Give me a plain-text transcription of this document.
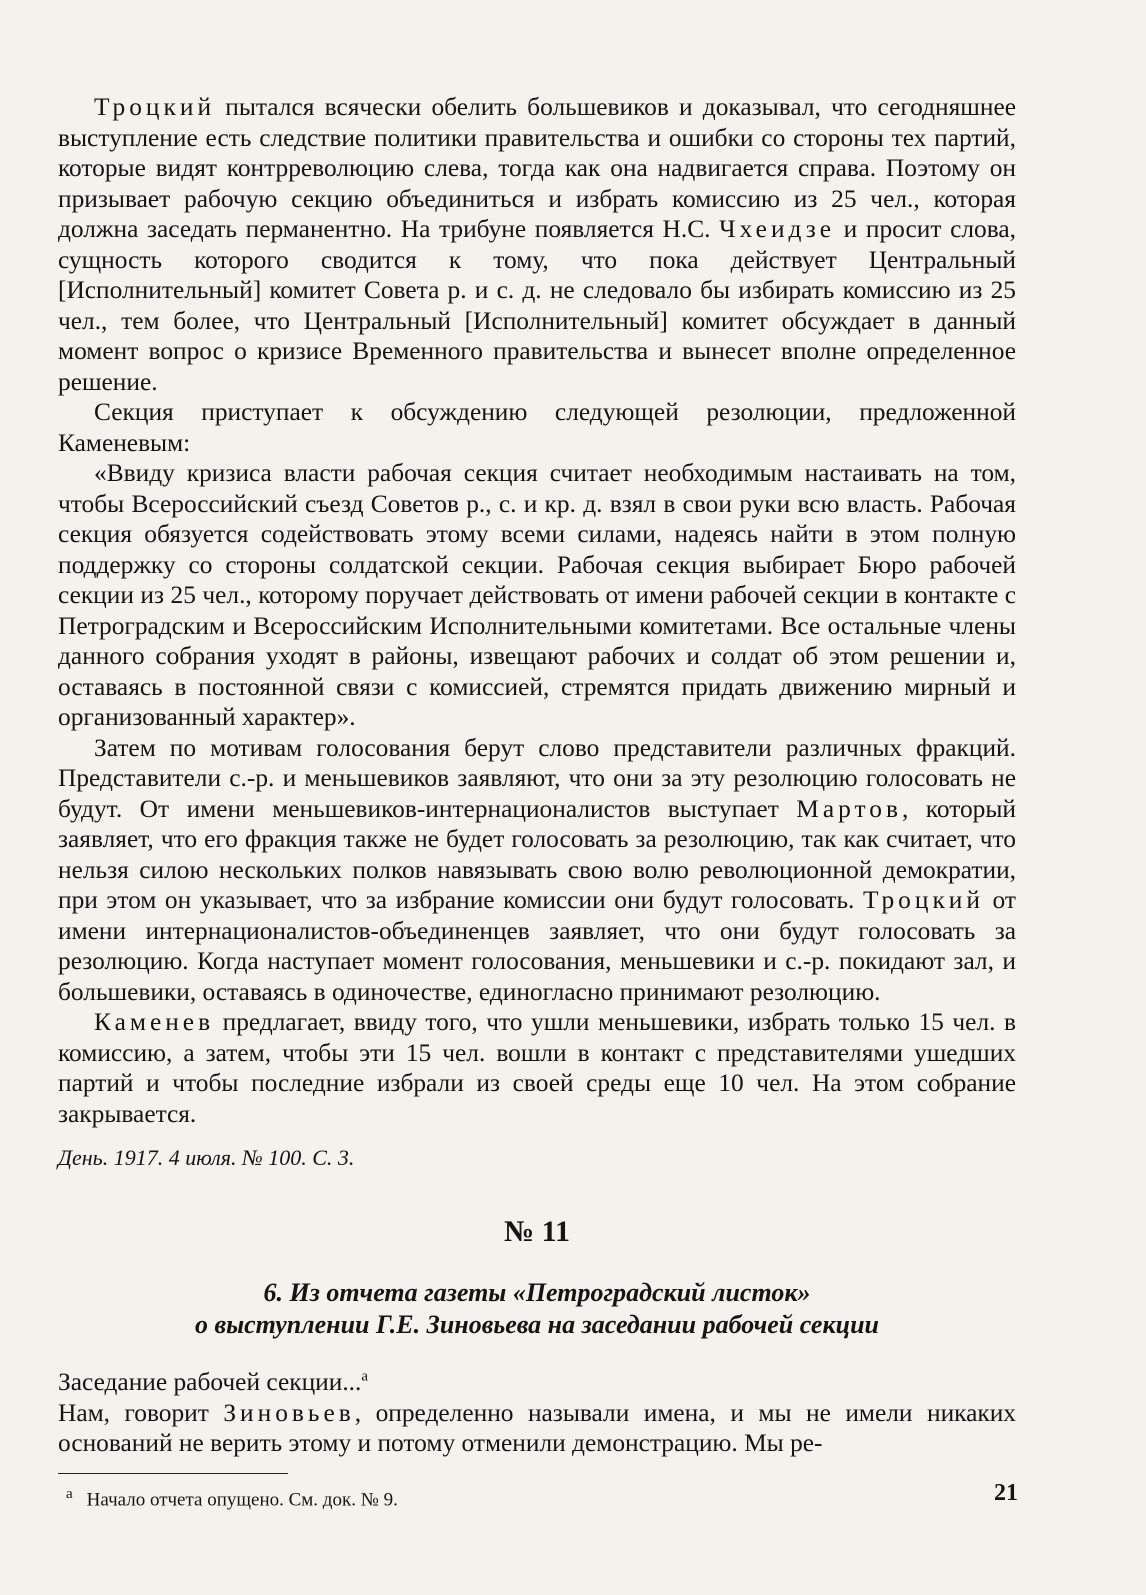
Троцкий пытался всячески обелить большевиков и доказывал, что сегодняшнее выступление есть следствие политики правительства и ошибки со стороны тех партий, которые видят контрреволюцию слева, тогда как она надвигается справа. Поэтому он призывает рабочую секцию объединиться и избрать комиссию из 25 чел., которая должна заседать перманентно. На трибуне появляется Н.С. Чхеидзе и просит слова, сущность которого сводится к тому, что пока действует Центральный [Исполнительный] комитет Совета р. и с. д. не следовало бы избирать комиссию из 25 чел., тем более, что Центральный [Исполнительный] комитет обсуждает в данный момент вопрос о кризисе Временного правительства и вынесет вполне определенное решение.

Секция приступает к обсуждению следующей резолюции, предложенной Каменевым:

«Ввиду кризиса власти рабочая секция считает необходимым настаивать на том, чтобы Всероссийский съезд Советов р., с. и кр. д. взял в свои руки всю власть. Рабочая секция обязуется содействовать этому всеми силами, надеясь найти в этом полную поддержку со стороны солдатской секции. Рабочая секция выбирает Бюро рабочей секции из 25 чел., которому поручает действовать от имени рабочей секции в контакте с Петроградским и Всероссийским Исполнительными комитетами. Все остальные члены данного собрания уходят в районы, извещают рабочих и солдат об этом решении и, оставаясь в постоянной связи с комиссией, стремятся придать движению мирный и организованный характер».

Затем по мотивам голосования берут слово представители различных фракций. Представители с.-р. и меньшевиков заявляют, что они за эту резолюцию голосовать не будут. От имени меньшевиков-интернационалистов выступает Мартов, который заявляет, что его фракция также не будет голосовать за резолюцию, так как считает, что нельзя силою нескольких полков навязывать свою волю революционной демократии, при этом он указывает, что за избрание комиссии они будут голосовать. Троцкий от имени интернационалистов-объединенцев заявляет, что они будут голосовать за резолюцию. Когда наступает момент голосования, меньшевики и с.-р. покидают зал, и большевики, оставаясь в одиночестве, единогласно принимают резолюцию.

Каменев предлагает, ввиду того, что ушли меньшевики, избрать только 15 чел. в комиссию, а затем, чтобы эти 15 чел. вошли в контакт с представителями ушедших партий и чтобы последние избрали из своей среды еще 10 чел. На этом собрание закрывается.

День. 1917. 4 июля. № 100. С. 3.

№ 11
6. Из отчета газеты «Петроградский листок»
о выступлении Г.Е. Зиновьева на заседании рабочей секции

Заседание рабочей секции...$^а$

Нам, говорит Зиновьев, определенно называли имена, и мы не имели никаких оснований не верить этому и потому отменили демонстрацию. Мы ре-

$^а$ Начало отчета опущено. См. док. № 9.	21
